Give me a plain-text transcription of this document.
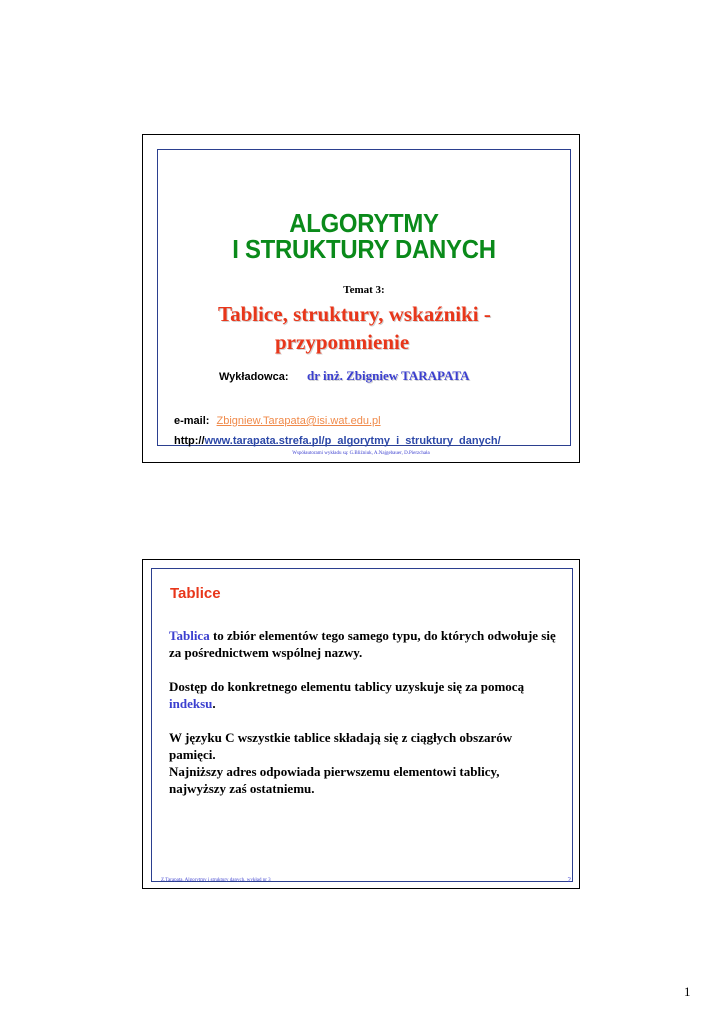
ALGORYTMY
I STRUKTURY DANYCH
Temat 3:
Tablice, struktury, wskaźniki -
przypomnienie
Wykładowca: dr inż. Zbigniew TARAPATA
e-mail: Zbigniew.Tarapata@isi.wat.edu.pl
http://www.tarapata.strefa.pl/p_algorytmy_i_struktury_danych/
Współautorami wykładu są: G.Bliźniuk, A.Najgebauer, D.Pierzchała
Tablice

Tablica to zbiór elementów tego samego typu, do których odwołuje się
za pośrednictwem wspólnej nazwy.

Dostęp do konkretnego elementu tablicy uzyskuje się za pomocą indeksu.

W języku C wszystkie tablice składają się z ciągłych obszarów pamięci.
Najniższy adres odpowiada pierwszemu elementowi tablicy, najwyższy zaś ostatniemu.

Z.Tarapata, Algorytmy i struktury danych, wykład nr 3	2
1
